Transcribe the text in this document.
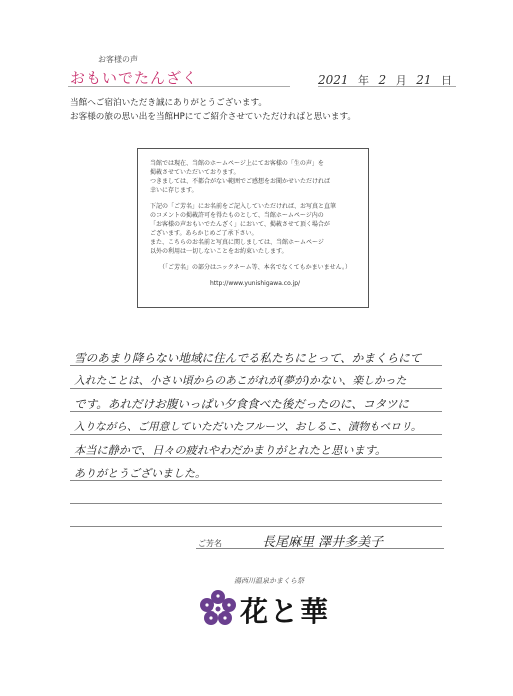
お客様の声
おもいでたんざく	2021 年 2 月 21 日
当館へご宿泊いただき誠にありがとうございます。
お客様の旅の思い出を当館HPにてご紹介させていただければと思います。

当館では現在、当館のホームページ上にてお客様の「生の声」を
掲載させていただいております。
つきましては、不都合がない範囲でご感想をお聞かせいただければ
幸いに存じます。

下記の「ご芳名」にお名前をご記入していただければ、お写真と直筆
のコメントの掲載許可を得たものとして、当館ホームページ内の
「お客様の声おもいでたんざく」において、掲載させて頂く場合が
ございます。あらかじめご了承下さい。
また、こちらのお名前と写真に関しましては、当館ホームページ
以外の利用は一切しないことをお約束いたします。

（「ご芳名」の部分はニックネーム等、本名でなくてもかまいません。）

http://www.yunishigawa.co.jp/

雪のあまり降らない地域に住んでる私たちにとって、かまくらにて
入れたことは、小さい頃からのあこがれが(夢が)かない、楽しかった
です。あれだけお腹いっぱい夕食食べた後だったのに、コタツに
入りながら、ご用意していただいたフルーツ、おしるこ、漬物もペロリ。
本当に静かで、日々の疲れやわだかまりがとれたと思います。
ありがとうございました。
ご芳名	長尾麻里 澤井多美子
湯西川温泉かまくら祭
花と華
